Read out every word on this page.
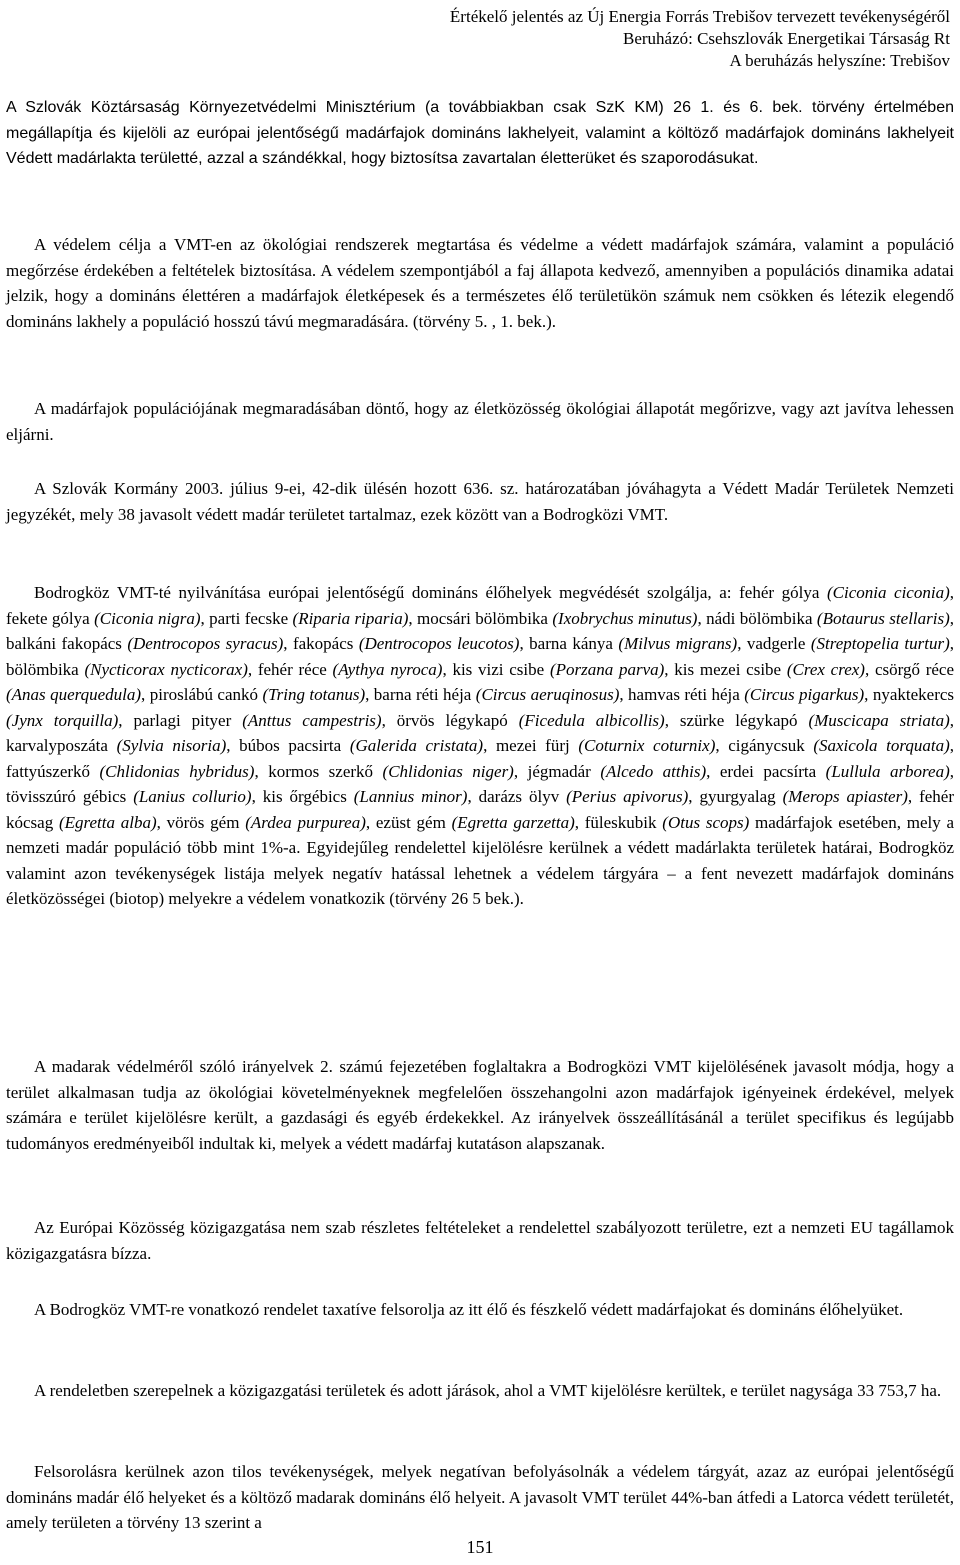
Értékelő jelentés az Új Energia Forrás Trebišov tervezett tevékenységéről
Beruházó: Csehszlovák Energetikai Társaság Rt
A beruházás helyszíne: Trebišov

A Szlovák Köztársaság Környezetvédelmi Minisztérium (a továbbiakban csak SzK KM) 26 1. és 6. bek. törvény értelmében megállapítja és kijelöli az európai jelentőségű madárfajok domináns lakhelyeit, valamint a költöző madárfajok domináns lakhelyeit Védett madárlakta területté, azzal a szándékkal, hogy biztosítsa zavartalan életterüket és szaporodásukat.

A védelem célja a VMT-en az ökológiai rendszerek megtartása és védelme a védett madárfajok számára, valamint a populáció megőrzése érdekében a feltételek biztosítása. A védelem szempontjából a faj állapota kedvező, amennyiben a populációs dinamika adatai jelzik, hogy a domináns élettéren a madárfajok életképesek és a természetes élő területükön számuk nem csökken és létezik elegendő domináns lakhely a populáció hosszú távú megmaradására. (törvény 5. , 1. bek.).

A madárfajok populációjának megmaradásában döntő, hogy az életközösség ökológiai állapotát megőrizve, vagy azt javítva lehessen eljárni.

A Szlovák Kormány 2003. július 9-ei, 42-dik ülésén hozott 636. sz. határozatában jóváhagyta a Védett Madár Területek Nemzeti jegyzékét, mely 38 javasolt védett madár területet tartalmaz, ezek között van a Bodrogközi VMT.

Bodrogköz VMT-té nyilvánítása európai jelentőségű domináns élőhelyek megvédését szolgálja, a: fehér gólya (Ciconia ciconia), fekete gólya (Ciconia nigra), parti fecske (Riparia riparia), mocsári bölömbika (Ixobrychus minutus), nádi bölömbika (Botaurus stellaris), balkáni fakopács (Dentrocopos syracus), fakopács (Dentrocopos leucotos), barna kánya (Milvus migrans), vadgerle (Streptopelia turtur), bölömbika (Nycticorax nycticorax), fehér réce (Aythya nyroca), kis vizi csibe (Porzana parva), kis mezei csibe (Crex crex), csörgő réce (Anas querquedula), piroslábú cankó (Tring totanus), barna réti héja (Circus aeruqinosus), hamvas réti héja (Circus pigarkus), nyaktekercs (Jynx torquilla), parlagi pityer (Anttus campestris), örvös légykapó (Ficedula albicollis), szürke légykapó (Muscicapa striata), karvalyposzáta (Sylvia nisoria), búbos pacsirta (Galerida cristata), mezei fürj (Coturnix coturnix), cigánycsuk (Saxicola torquata), fattyúszerkő (Chlidonias hybridus), kormos szerkő (Chlidonias niger), jégmadár (Alcedo atthis), erdei pacsírta (Lullula arborea), tövisszúró gébics (Lanius collurio), kis őrgébics (Lannius minor), darázs ölyv (Perius apivorus), gyurgyalag (Merops apiaster), fehér kócsag (Egretta alba), vörös gém (Ardea purpurea), ezüst gém (Egretta garzetta), füleskubik (Otus scops) madárfajok esetében, mely a nemzeti madár populáció több mint 1%-a. Egyidejűleg rendelettel kijelölésre kerülnek a védett madárlakta területek határai, Bodrogköz valamint azon tevékenységek listája melyek negatív hatással lehetnek a védelem tárgyára – a fent nevezett madárfajok domináns életközösségei (biotop) melyekre a védelem vonatkozik (törvény 26 5 bek.).

A madarak védelméről szóló irányelvek 2. számú fejezetében foglaltakra a Bodrogközi VMT kijelölésének javasolt módja, hogy a terület alkalmasan tudja az ökológiai követelményeknek megfelelően összehangolni azon madárfajok igényeinek érdekével, melyek számára e terület kijelölésre került, a gazdasági és egyéb érdekekkel. Az irányelvek összeállításánál a terület specifikus és legújabb tudományos eredményeiből indultak ki, melyek a védett madárfaj kutatáson alapszanak.

Az Európai Közösség közigazgatása nem szab részletes feltételeket a rendelettel szabályozott területre, ezt a nemzeti EU tagállamok közigazgatásra bízza.

A Bodrogköz VMT-re vonatkozó rendelet taxatíve felsorolja az itt élő és fészkelő védett madárfajokat és domináns élőhelyüket.

A rendeletben szerepelnek a közigazgatási területek és adott járások, ahol a VMT kijelölésre kerültek, e terület nagysága 33 753,7 ha.

Felsorolásra kerülnek azon tilos tevékenységek, melyek negatívan befolyásolnák a védelem tárgyát, azaz az európai jelentőségű domináns madár élő helyeket és a költöző madarak domináns élő helyeit. A javasolt VMT terület 44%-ban átfedi a Latorca védett területét, amely területen a törvény 13 szerint a

151
